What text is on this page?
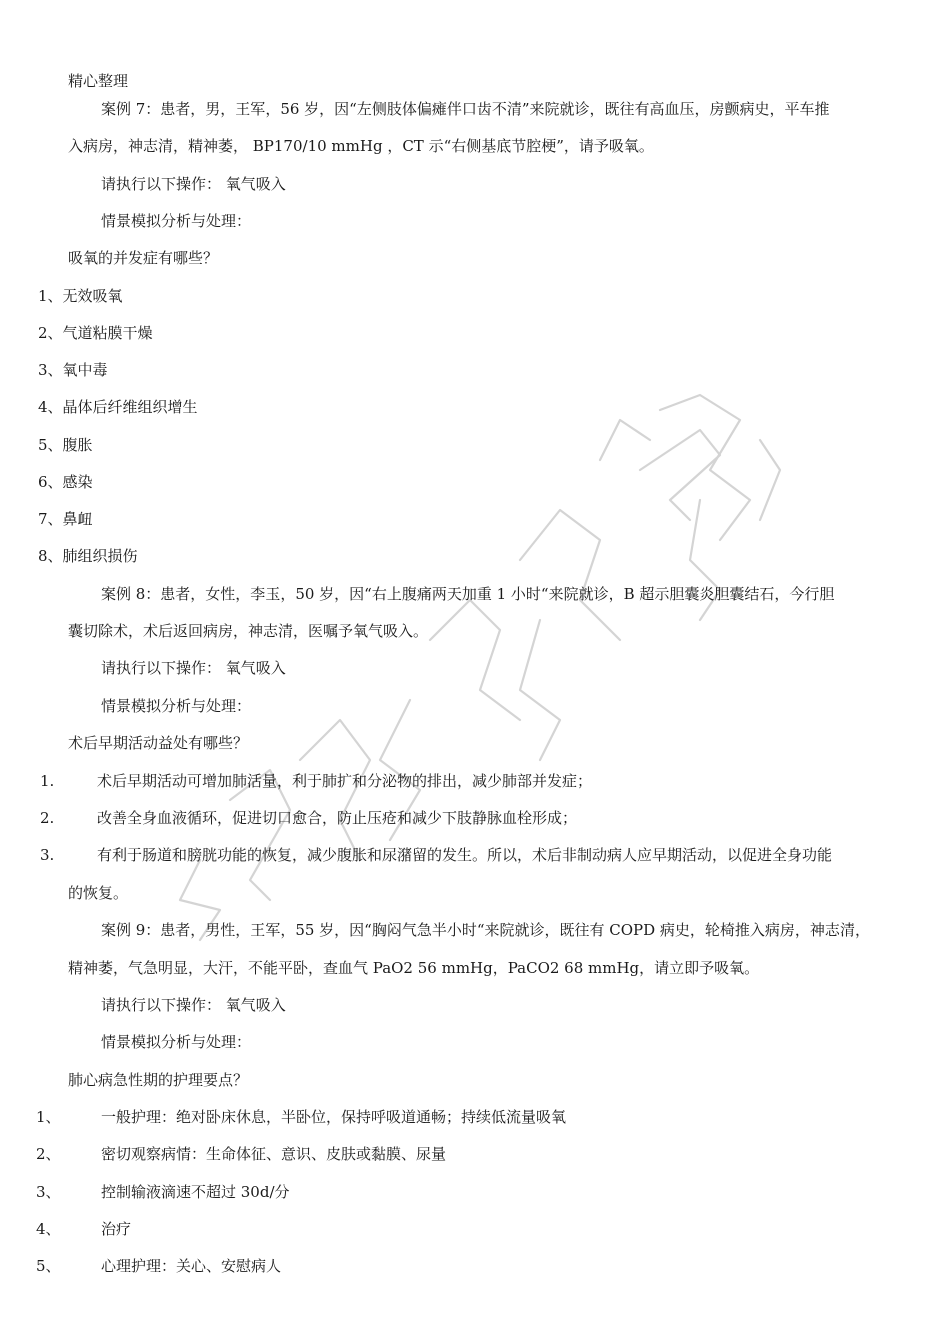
精心整理
案例 7：患者，男，王军，56 岁，因“左侧肢体偏瘫伴口齿不清”来院就诊，既往有高血压，房颤病史，平车推
入病房，神志清，精神萎， BP170/10 mmHg ，CT 示“右侧基底节腔梗”，请予吸氧。
请执行以下操作： 氧气吸入
情景模拟分析与处理：
吸氧的并发症有哪些？
1、无效吸氧
2、气道粘膜干燥
3、氧中毒
4、晶体后纤维组织增生
5、腹胀
6、感染
7、鼻衄
8、肺组织损伤
案例 8：患者，女性，李玉，50 岁，因“右上腹痛两天加重 1 小时“来院就诊，B 超示胆囊炎胆囊结石，今行胆
囊切除术，术后返回病房，神志清，医嘱予氧气吸入。
请执行以下操作： 氧气吸入
情景模拟分析与处理：
术后早期活动益处有哪些？
1.	术后早期活动可增加肺活量，利于肺扩和分泌物的排出，减少肺部并发症；
2.	改善全身血液循环，促进切口愈合，防止压疮和减少下肢静脉血栓形成；
3.	有利于肠道和膀胱功能的恢复，减少腹胀和尿潴留的发生。所以，术后非制动病人应早期活动，以促进全身功能
的恢复。
案例 9：患者，男性，王军，55 岁，因“胸闷气急半小时“来院就诊，既往有 COPD 病史，轮椅推入病房，神志清，
精神萎，气急明显，大汗，不能平卧，查血气 PaO2 56 mmHg，PaCO2 68 mmHg，请立即予吸氧。
请执行以下操作： 氧气吸入
情景模拟分析与处理：
肺心病急性期的护理要点？
1、	一般护理：绝对卧床休息，半卧位，保持呼吸道通畅；持续低流量吸氧
2、	密切观察病情：生命体征、意识、皮肤或黏膜、尿量
3、	控制输液滴速不超过 30d/分
4、	治疗
5、	心理护理：关心、安慰病人
